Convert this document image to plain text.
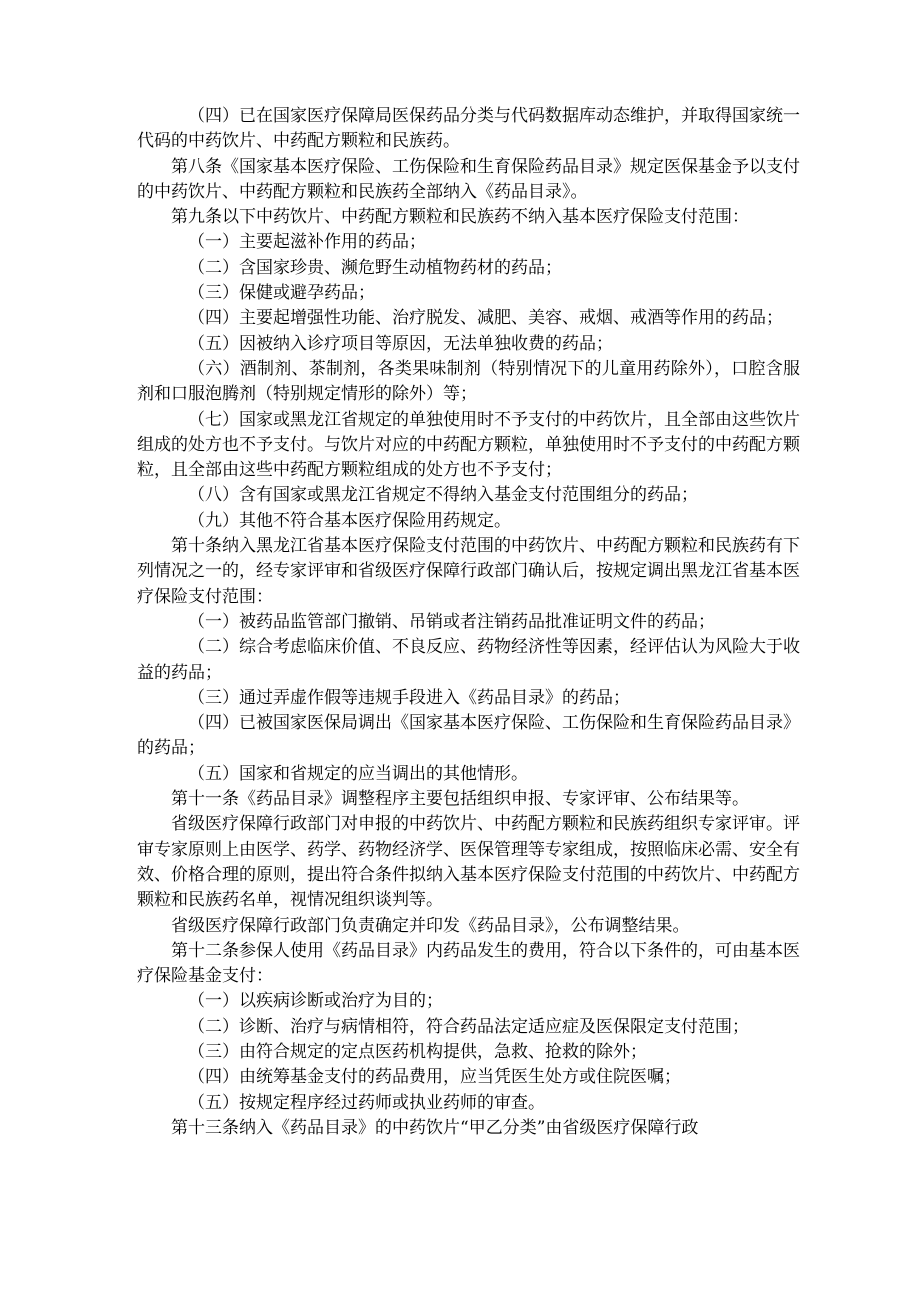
（四）已在国家医疗保障局医保药品分类与代码数据库动态维护，并取得国家统一代码的中药饮片、中药配方颗粒和民族药。

第八条《国家基本医疗保险、工伤保险和生育保险药品目录》规定医保基金予以支付的中药饮片、中药配方颗粒和民族药全部纳入《药品目录》。

第九条以下中药饮片、中药配方颗粒和民族药不纳入基本医疗保险支付范围：

（一）主要起滋补作用的药品；

（二）含国家珍贵、濒危野生动植物药材的药品；

（三）保健或避孕药品；

（四）主要起增强性功能、治疗脱发、减肥、美容、戒烟、戒酒等作用的药品；

（五）因被纳入诊疗项目等原因，无法单独收费的药品；

（六）酒制剂、茶制剂，各类果味制剂（特别情况下的儿童用药除外），口腔含服剂和口服泡腾剂（特别规定情形的除外）等；

（七）国家或黑龙江省规定的单独使用时不予支付的中药饮片，且全部由这些饮片组成的处方也不予支付。与饮片对应的中药配方颗粒，单独使用时不予支付的中药配方颗粒，且全部由这些中药配方颗粒组成的处方也不予支付；

（八）含有国家或黑龙江省规定不得纳入基金支付范围组分的药品；

（九）其他不符合基本医疗保险用药规定。

第十条纳入黑龙江省基本医疗保险支付范围的中药饮片、中药配方颗粒和民族药有下列情况之一的，经专家评审和省级医疗保障行政部门确认后，按规定调出黑龙江省基本医疗保险支付范围：

（一）被药品监管部门撤销、吊销或者注销药品批准证明文件的药品；

（二）综合考虑临床价值、不良反应、药物经济性等因素，经评估认为风险大于收益的药品；

（三）通过弄虚作假等违规手段进入《药品目录》的药品；

（四）已被国家医保局调出《国家基本医疗保险、工伤保险和生育保险药品目录》的药品；

（五）国家和省规定的应当调出的其他情形。

第十一条《药品目录》调整程序主要包括组织申报、专家评审、公布结果等。

省级医疗保障行政部门对申报的中药饮片、中药配方颗粒和民族药组织专家评审。评审专家原则上由医学、药学、药物经济学、医保管理等专家组成，按照临床必需、安全有效、价格合理的原则，提出符合条件拟纳入基本医疗保险支付范围的中药饮片、中药配方颗粒和民族药名单，视情况组织谈判等。

省级医疗保障行政部门负责确定并印发《药品目录》，公布调整结果。

第十二条参保人使用《药品目录》内药品发生的费用，符合以下条件的，可由基本医疗保险基金支付：

（一）以疾病诊断或治疗为目的；

（二）诊断、治疗与病情相符，符合药品法定适应症及医保限定支付范围；

（三）由符合规定的定点医药机构提供，急救、抢救的除外；

（四）由统筹基金支付的药品费用，应当凭医生处方或住院医嘱；

（五）按规定程序经过药师或执业药师的审查。

第十三条纳入《药品目录》的中药饮片“甲乙分类”由省级医疗保障行政
